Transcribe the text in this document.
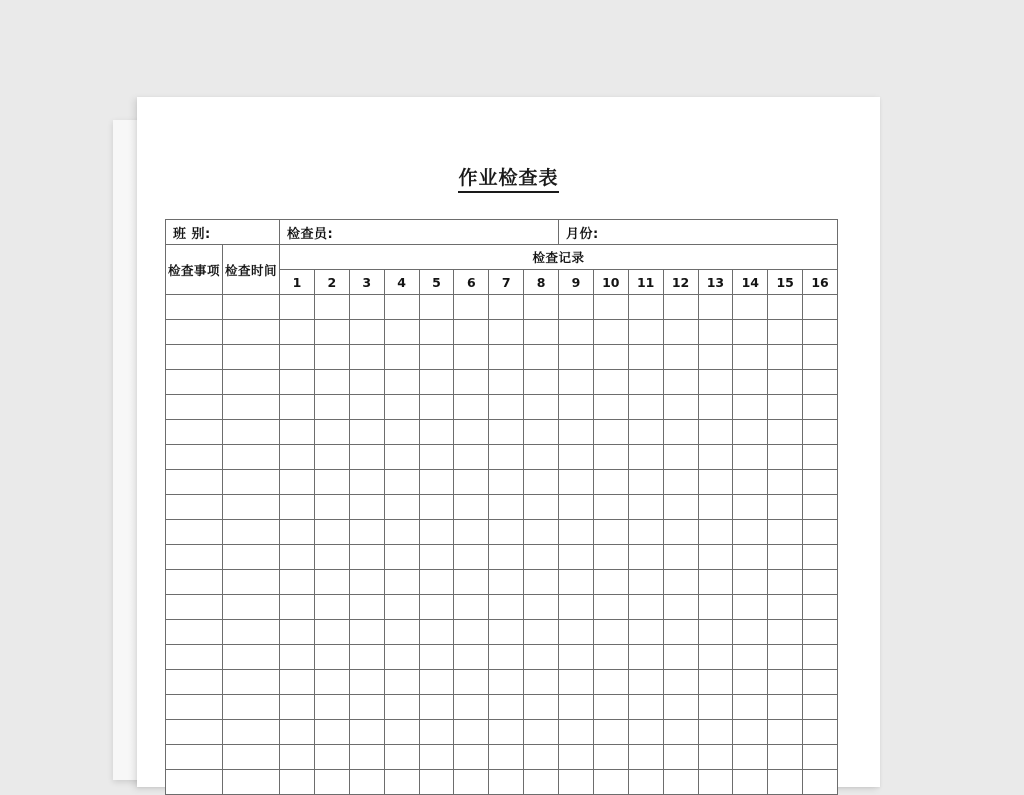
作业检查表
班 别:		检查员:								月份:							
检查事项	检查时间	检查记录															
		1	2	3	4	5	6	7	8	9	10	11	12	13	14	15	16
